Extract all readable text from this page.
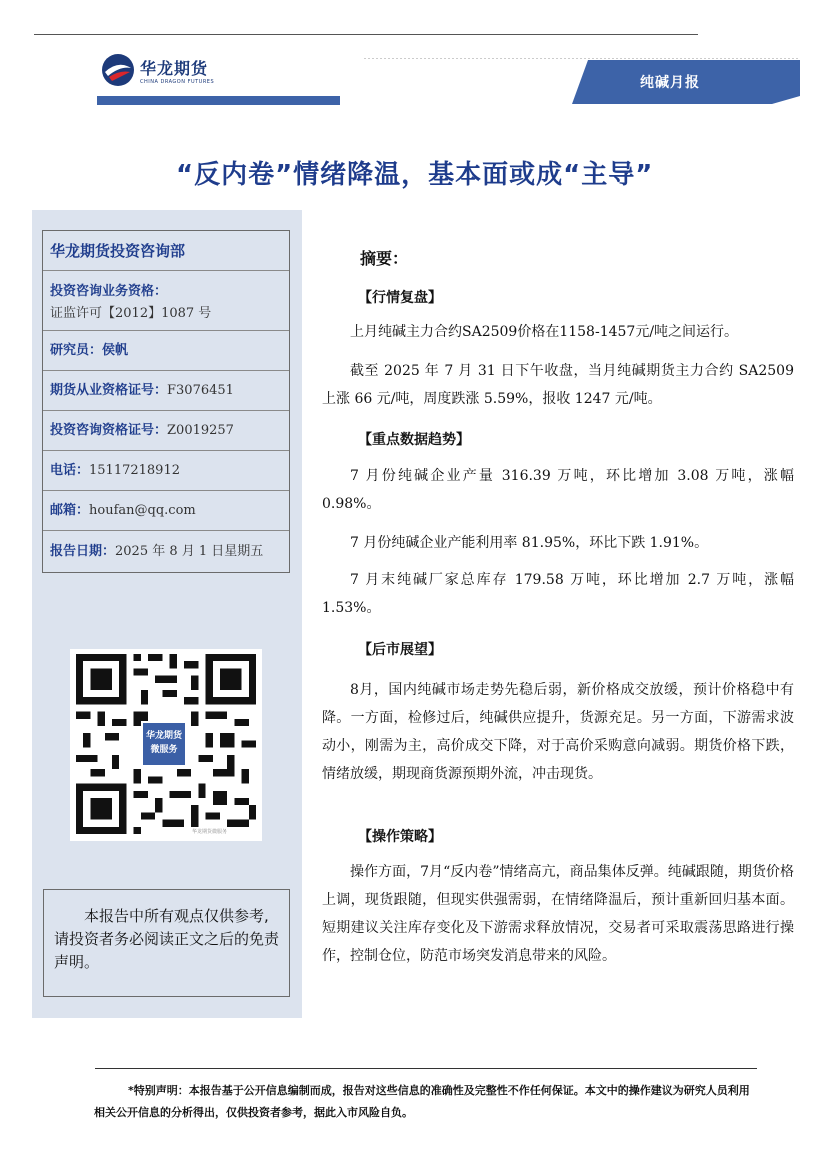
华龙期货
CHINA DRAGON FUTURES	纯碱月报
“反内卷”情绪降温，基本面或成“主导”
华龙期货投资咨询部
投资咨询业务资格：
证监许可【2012】1087 号
研究员：侯帆
期货从业资格证号：F3076451
投资咨询资格证号：Z0019257
电话：15117218912
邮箱：houfan@qq.com
报告日期：2025 年 8 月 1 日星期五
华龙期货
微服务
华龙期货微服务
本报告中所有观点仅供参考,请投资者务必阅读正文之后的免责声明。
摘要：
【行情复盘】
上月纯碱主力合约SA2509价格在1158-1457元/吨之间运行。
截至 2025 年 7 月 31 日下午收盘，当月纯碱期货主力合约 SA2509 上涨 66 元/吨，周度跌涨 5.59%，报收 1247 元/吨。
【重点数据趋势】
7 月份纯碱企业产量 316.39 万吨，环比增加 3.08 万吨，涨幅 0.98%。
7 月份纯碱企业产能利用率 81.95%，环比下跌 1.91%。
7 月末纯碱厂家总库存 179.58 万吨，环比增加 2.7 万吨，涨幅 1.53%。
【后市展望】
8月，国内纯碱市场走势先稳后弱，新价格成交放缓，预计价格稳中有降。一方面，检修过后，纯碱供应提升，货源充足。另一方面，下游需求波动小，刚需为主，高价成交下降，对于高价采购意向减弱。期货价格下跌，情绪放缓，期现商货源预期外流，冲击现货。
【操作策略】
操作方面，7月“反内卷”情绪高亢，商品集体反弹。纯碱跟随，期货价格上调，现货跟随，但现实供强需弱，在情绪降温后，预计重新回归基本面。短期建议关注库存变化及下游需求释放情况，交易者可采取震荡思路进行操作，控制仓位，防范市场突发消息带来的风险。
*特别声明：本报告基于公开信息编制而成，报告对这些信息的准确性及完整性不作任何保证。本文中的操作建议为研究人员利用相关公开信息的分析得出，仅供投资者参考，据此入市风险自负。
